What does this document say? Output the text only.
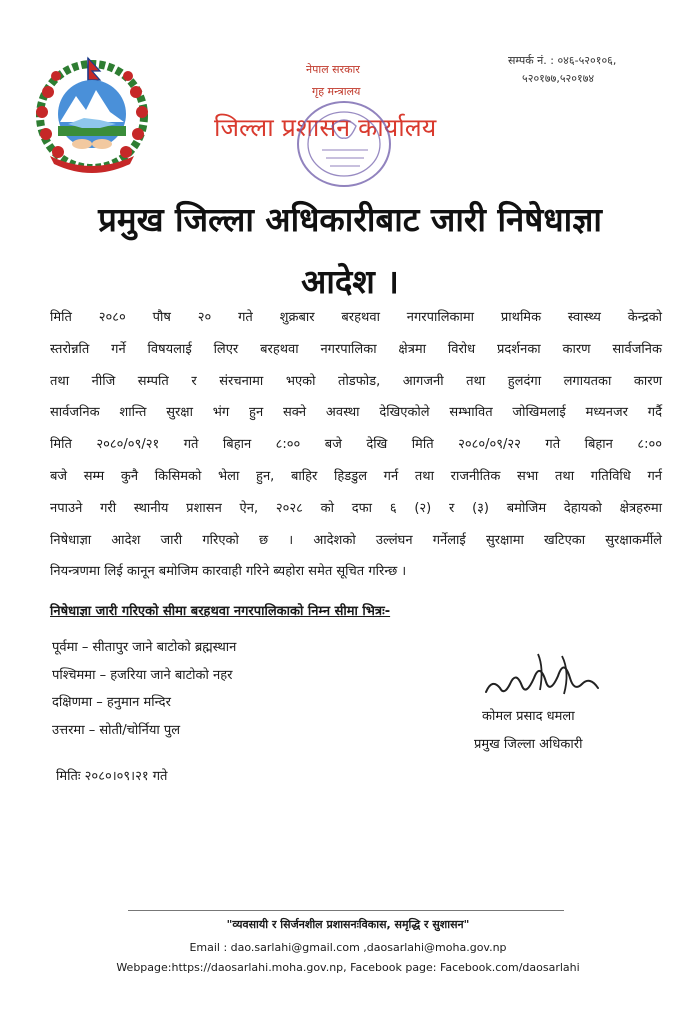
नेपाल सरकार
गृह मन्त्रालय
जिल्ला प्रशासन कार्यालय
सम्पर्क नं. : ०४६-५२०१०६,
५२०१७७,५२०१७४
प्रमुख जिल्ला अधिकारीबाट जारी निषेधाज्ञा
आदेश ।
मिति २०८० पौष २० गते शुक्रबार बरहथवा नगरपालिकामा प्राथमिक स्वास्थ्य केन्द्रको
स्तरोन्नति गर्ने विषयलाई लिएर बरहथवा नगरपालिका क्षेत्रमा विरोध प्रदर्शनका कारण सार्वजनिक
तथा नीजि सम्पति र संरचनामा भएको तोडफोड, आगजनी तथा हुलदंगा लगायतका कारण
सार्वजनिक शान्ति सुरक्षा भंग हुन सक्ने अवस्था देखिएकोले सम्भावित जोखिमलाई मध्यनजर गर्दै
मिति २०८०/०९/२१ गते बिहान ८:०० बजे देखि मिति २०८०/०९/२२ गते बिहान ८:००
बजे सम्म कुनै किसिमको भेला हुन, बाहिर हिडडुल गर्न तथा राजनीतिक सभा तथा गतिविधि गर्न
नपाउने गरी स्थानीय प्रशासन ऐन, २०२८ को दफा ६ (२) र (३) बमोजिम देहायको क्षेत्रहरुमा
निषेधाज्ञा आदेश जारी गरिएको छ । आदेशको उल्लंघन गर्नेलाई सुरक्षामा खटिएका सुरक्षाकर्मीले
नियन्त्रणमा लिई कानून बमोजिम कारवाही गरिने ब्यहोरा समेत सूचित गरिन्छ ।
निषेधाज्ञा जारी गरिएको सीमा बरहथवा नगरपालिकाको निम्न सीमा भित्रः-
पूर्वमा – सीतापुर जाने बाटोको ब्रह्मस्थान
पश्चिममा – हजरिया जाने बाटोको नहर
दक्षिणमा – हनुमान मन्दिर
उत्तरमा – सोती/चोर्निया पुल
मितिः २०८०।०९।२१ गते
कोमल प्रसाद धमला
प्रमुख जिल्ला अधिकारी
"व्यवसायी र सिर्जनशील प्रशासनःविकास, समृद्धि र सुशासन"
Email : dao.sarlahi@gmail.com ,daosarlahi@moha.gov.np
Webpage:https://daosarlahi.moha.gov.np, Facebook page: Facebook.com/daosarlahi
